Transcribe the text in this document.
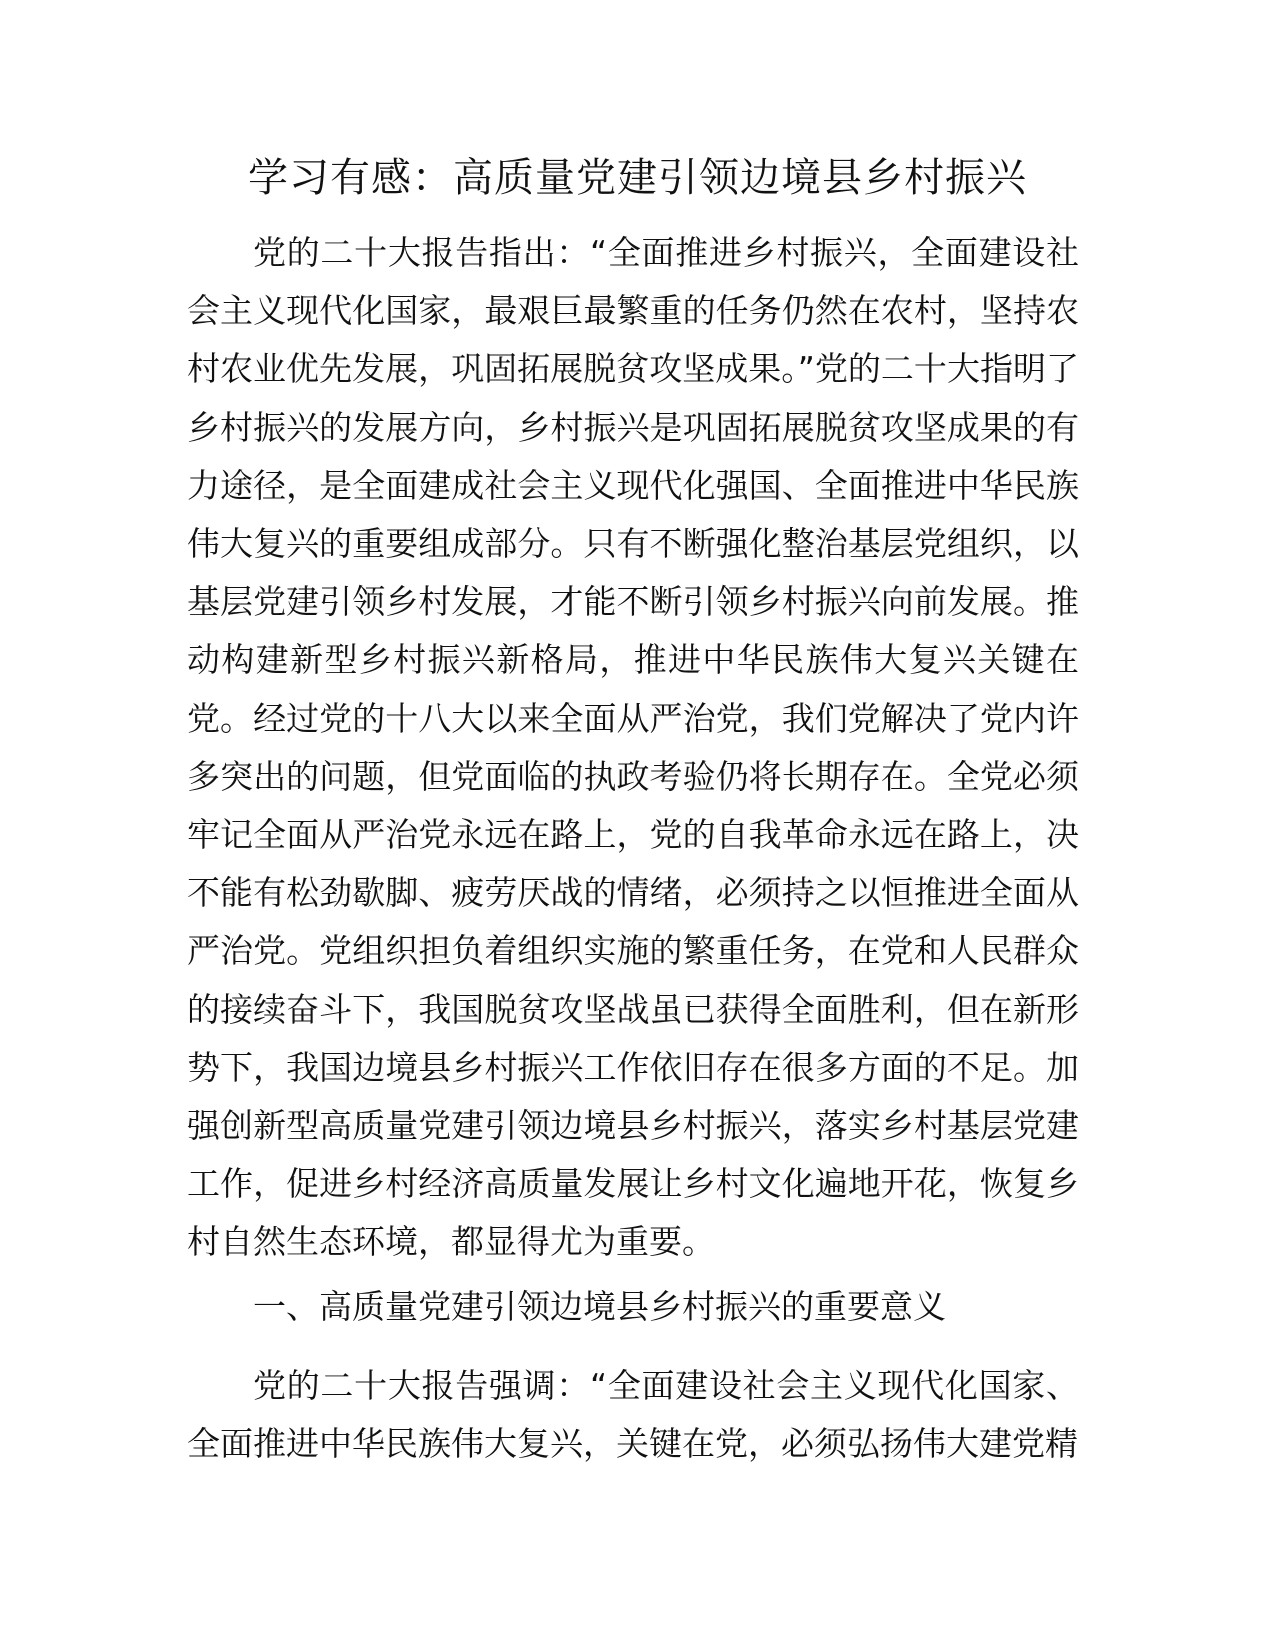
学习有感：高质量党建引领边境县乡村振兴

党的二十大报告指出：“全面推进乡村振兴，全面建设社会主义现代化国家，最艰巨最繁重的任务仍然在农村，坚持农村农业优先发展，巩固拓展脱贫攻坚成果。”党的二十大指明了乡村振兴的发展方向，乡村振兴是巩固拓展脱贫攻坚成果的有力途径，是全面建成社会主义现代化强国、全面推进中华民族伟大复兴的重要组成部分。只有不断强化整治基层党组织，以基层党建引领乡村发展，才能不断引领乡村振兴向前发展。推动构建新型乡村振兴新格局，推进中华民族伟大复兴关键在党。经过党的十八大以来全面从严治党，我们党解决了党内许多突出的问题，但党面临的执政考验仍将长期存在。全党必须牢记全面从严治党永远在路上，党的自我革命永远在路上，决不能有松劲歇脚、疲劳厌战的情绪，必须持之以恒推进全面从严治党。党组织担负着组织实施的繁重任务，在党和人民群众的接续奋斗下，我国脱贫攻坚战虽已获得全面胜利，但在新形势下，我国边境县乡村振兴工作依旧存在很多方面的不足。加强创新型高质量党建引领边境县乡村振兴，落实乡村基层党建工作，促进乡村经济高质量发展让乡村文化遍地开花，恢复乡村自然生态环境，都显得尤为重要。

一、高质量党建引领边境县乡村振兴的重要意义

党的二十大报告强调：“全面建设社会主义现代化国家、全面推进中华民族伟大复兴，关键在党，必须弘扬伟大建党精
